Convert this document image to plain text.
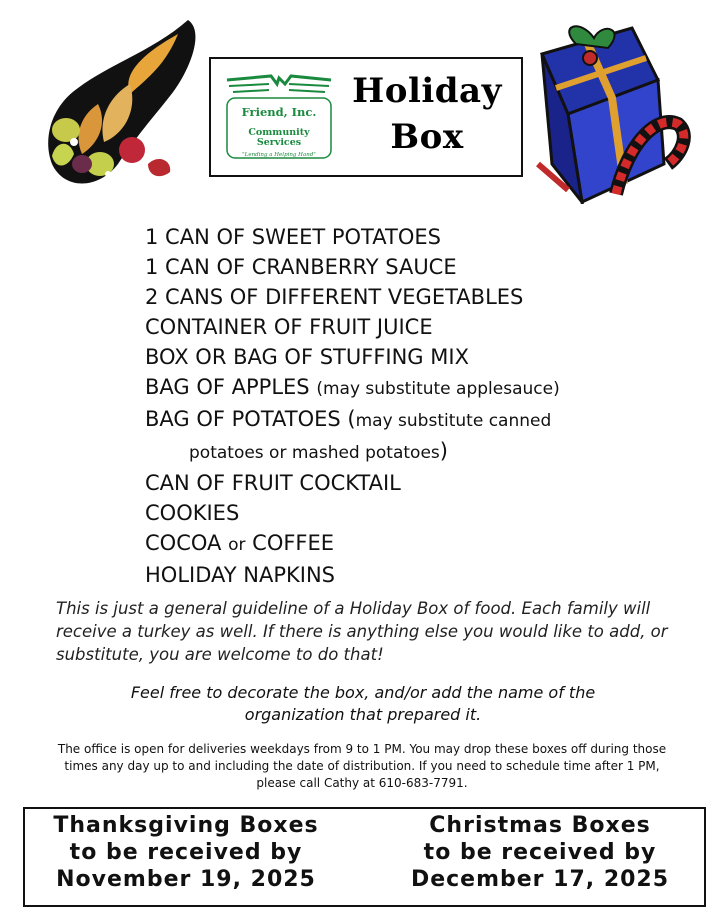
Friend, Inc.
Community
Services
"Lending a Helping Hand"
Holiday
Box
1 CAN OF SWEET POTATOES
1 CAN OF CRANBERRY SAUCE
2 CANS OF DIFFERENT VEGETABLES
CONTAINER OF FRUIT JUICE
BOX OR BAG OF STUFFING MIX
BAG OF APPLES (may substitute applesauce)
BAG OF POTATOES (may substitute canned
potatoes or mashed potatoes)
CAN OF FRUIT COCKTAIL
COOKIES
COCOA or COFFEE
HOLIDAY NAPKINS
This is just a general guideline of a Holiday Box of food. Each family will receive a turkey as well. If there is anything else you would like to add, or substitute, you are welcome to do that!
Feel free to decorate the box, and/or add the name of the organization that prepared it.
The office is open for deliveries weekdays from 9 to 1 PM. You may drop these boxes off during those times any day up to and including the date of distribution. If you need to schedule time after 1 PM, please call Cathy at 610-683-7791.
Thanksgiving Boxes
to be received by
November 19, 2025
Christmas Boxes
to be received by
December 17, 2025
